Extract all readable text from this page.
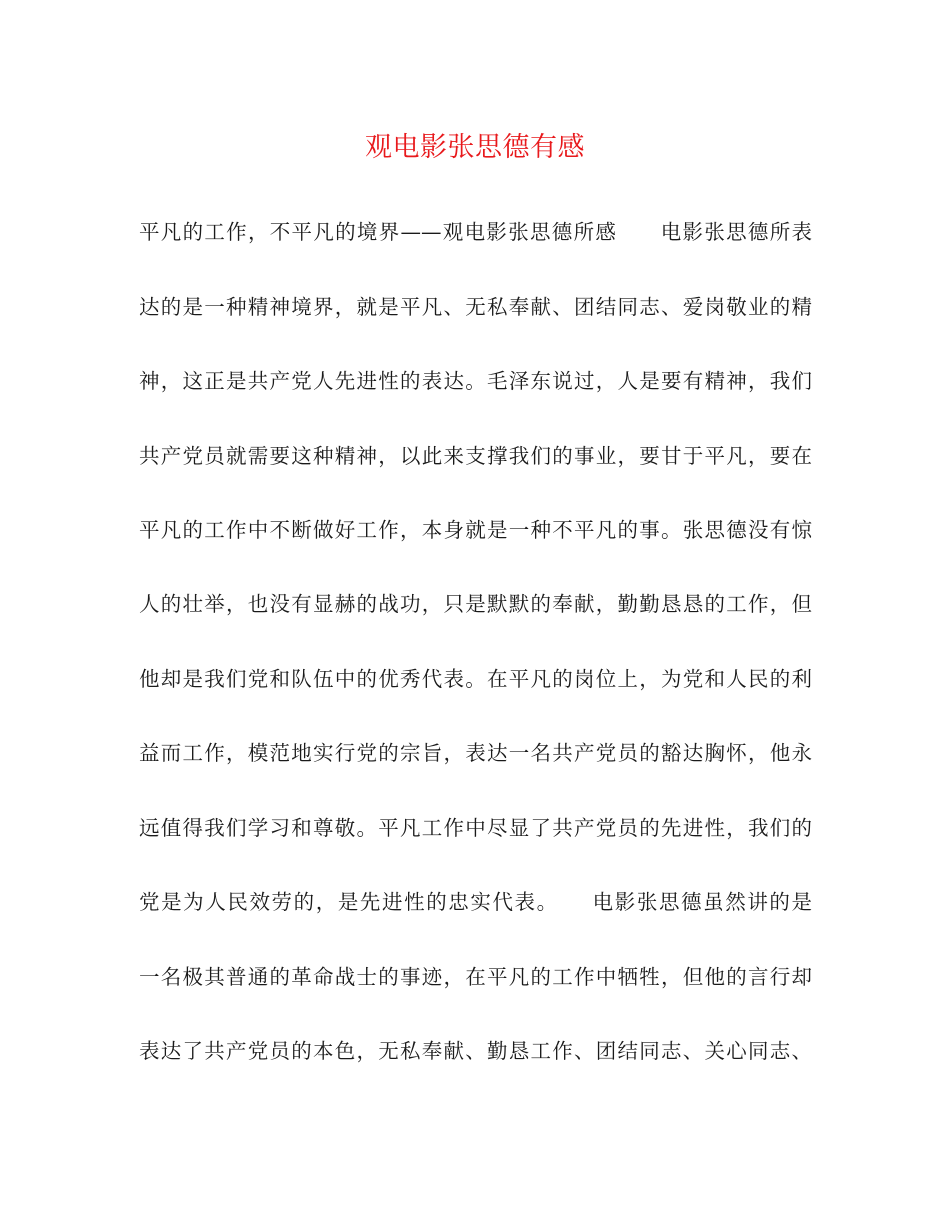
观电影张思德有感
平凡的工作，不平凡的境界——观电影张思德所感　　电影张思德所表
达的是一种精神境界，就是平凡、无私奉献、团结同志、爱岗敬业的精
神，这正是共产党人先进性的表达。毛泽东说过，人是要有精神，我们
共产党员就需要这种精神，以此来支撑我们的事业，要甘于平凡，要在
平凡的工作中不断做好工作，本身就是一种不平凡的事。张思德没有惊
人的壮举，也没有显赫的战功，只是默默的奉献，勤勤恳恳的工作，但
他却是我们党和队伍中的优秀代表。在平凡的岗位上，为党和人民的利
益而工作，模范地实行党的宗旨，表达一名共产党员的豁达胸怀，他永
远值得我们学习和尊敬。平凡工作中尽显了共产党员的先进性，我们的
党是为人民效劳的，是先进性的忠实代表。　　电影张思德虽然讲的是
一名极其普通的革命战士的事迹，在平凡的工作中牺牲，但他的言行却
表达了共产党员的本色，无私奉献、勤恳工作、团结同志、关心同志、
